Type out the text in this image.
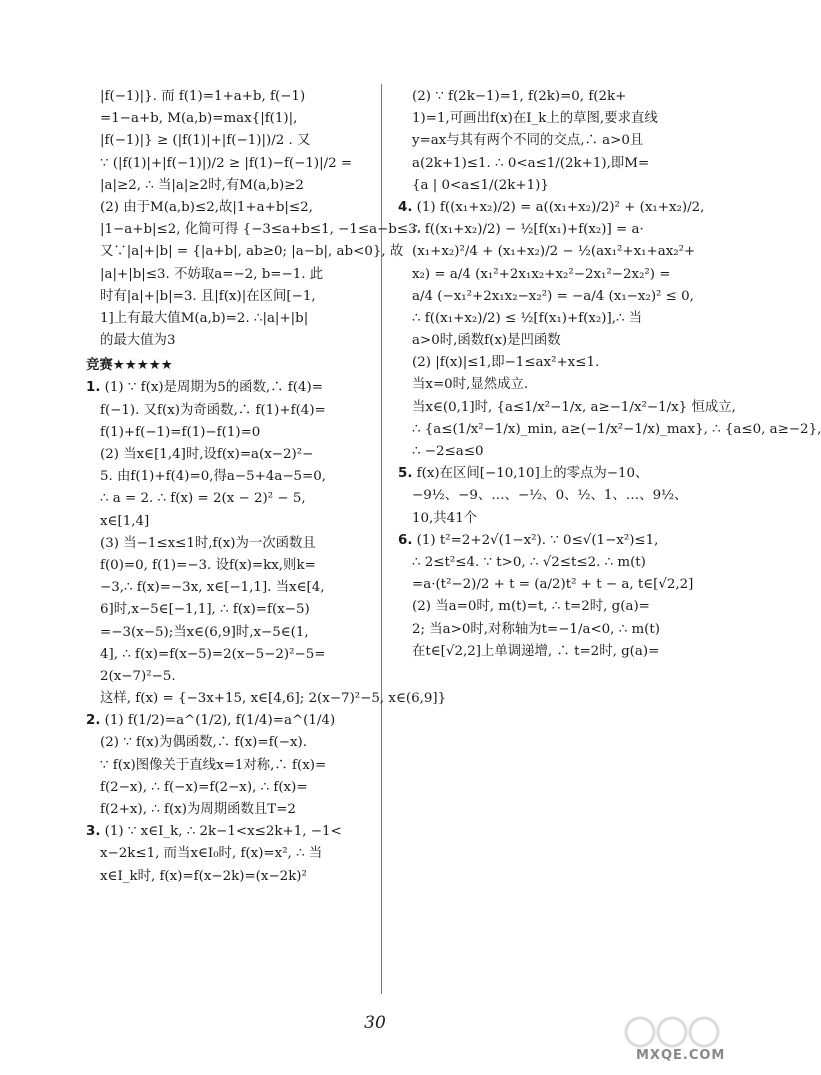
|f(−1)|}. 而 f(1)=1+a+b, f(−1)
=1−a+b, M(a,b)=max{|f(1)|,
|f(−1)|} ≥ (|f(1)|+|f(−1)|)/2 . 又
∵ (|f(1)|+|f(−1)|)/2 ≥ |f(1)−f(−1)|/2 =
|a|≥2, ∴ 当|a|≥2时,有M(a,b)≥2
(2) 由于M(a,b)≤2,故|1+a+b|≤2,
|1−a+b|≤2, 化简可得 {−3≤a+b≤1, −1≤a−b≤3.
又∵|a|+|b| = {|a+b|, ab≥0; |a−b|, ab<0}, 故
|a|+|b|≤3. 不妨取a=−2, b=−1. 此
时有|a|+|b|=3. 且|f(x)|在区间[−1,
1]上有最大值M(a,b)=2. ∴|a|+|b|
的最大值为3
竞赛★★★★★
1. (1) ∵ f(x)是周期为5的函数,∴ f(4)=
f(−1). 又f(x)为奇函数,∴ f(1)+f(4)=
f(1)+f(−1)=f(1)−f(1)=0
(2) 当x∈[1,4]时,设f(x)=a(x−2)²−
5. 由f(1)+f(4)=0,得a−5+4a−5=0,
∴ a = 2. ∴ f(x) = 2(x − 2)² − 5,
x∈[1,4]
(3) 当−1≤x≤1时,f(x)为一次函数且
f(0)=0, f(1)=−3. 设f(x)=kx,则k=
−3,∴ f(x)=−3x, x∈[−1,1]. 当x∈[4,
6]时,x−5∈[−1,1], ∴ f(x)=f(x−5)
=−3(x−5);当x∈(6,9]时,x−5∈(1,
4], ∴ f(x)=f(x−5)=2(x−5−2)²−5=
2(x−7)²−5.
这样, f(x) = {−3x+15, x∈[4,6]; 2(x−7)²−5, x∈(6,9]}
2. (1) f(1/2)=a^(1/2), f(1/4)=a^(1/4)
(2) ∵ f(x)为偶函数,∴ f(x)=f(−x).
∵ f(x)图像关于直线x=1对称,∴ f(x)=
f(2−x), ∴ f(−x)=f(2−x), ∴ f(x)=
f(2+x), ∴ f(x)为周期函数且T=2
3. (1) ∵ x∈I_k, ∴ 2k−1<x≤2k+1, −1<
x−2k≤1, 而当x∈I₀时, f(x)=x², ∴ 当
x∈I_k时, f(x)=f(x−2k)=(x−2k)²
(2) ∵ f(2k−1)=1, f(2k)=0, f(2k+
1)=1,可画出f(x)在I_k上的草图,要求直线
y=ax与其有两个不同的交点,∴ a>0且
a(2k+1)≤1. ∴ 0<a≤1/(2k+1),即M=
{a | 0<a≤1/(2k+1)}
4. (1) f((x₁+x₂)/2) = a((x₁+x₂)/2)² + (x₁+x₂)/2,
∴ f((x₁+x₂)/2) − ½[f(x₁)+f(x₂)] = a·
(x₁+x₂)²/4 + (x₁+x₂)/2 − ½(ax₁²+x₁+ax₂²+
x₂) = a/4 (x₁²+2x₁x₂+x₂²−2x₁²−2x₂²) =
a/4 (−x₁²+2x₁x₂−x₂²) = −a/4 (x₁−x₂)² ≤ 0,
∴ f((x₁+x₂)/2) ≤ ½[f(x₁)+f(x₂)],∴ 当
a>0时,函数f(x)是凹函数
(2) |f(x)|≤1,即−1≤ax²+x≤1.
当x=0时,显然成立.
当x∈(0,1]时, {a≤1/x²−1/x, a≥−1/x²−1/x} 恒成立,
∴ {a≤(1/x²−1/x)_min, a≥(−1/x²−1/x)_max}, ∴ {a≤0, a≥−2},
∴ −2≤a≤0
5. f(x)在区间[−10,10]上的零点为−10、
−9½、−9、…、−½、0、½、1、…、9½、
10,共41个
6. (1) t²=2+2√(1−x²). ∵ 0≤√(1−x²)≤1,
∴ 2≤t²≤4. ∵ t>0, ∴ √2≤t≤2. ∴ m(t)
=a·(t²−2)/2 + t = (a/2)t² + t − a, t∈[√2,2]
(2) 当a=0时, m(t)=t, ∴ t=2时, g(a)=
2; 当a>0时,对称轴为t=−1/a<0, ∴ m(t)
在t∈[√2,2]上单调递增, ∴ t=2时, g(a)=
30
MXQE.COM
